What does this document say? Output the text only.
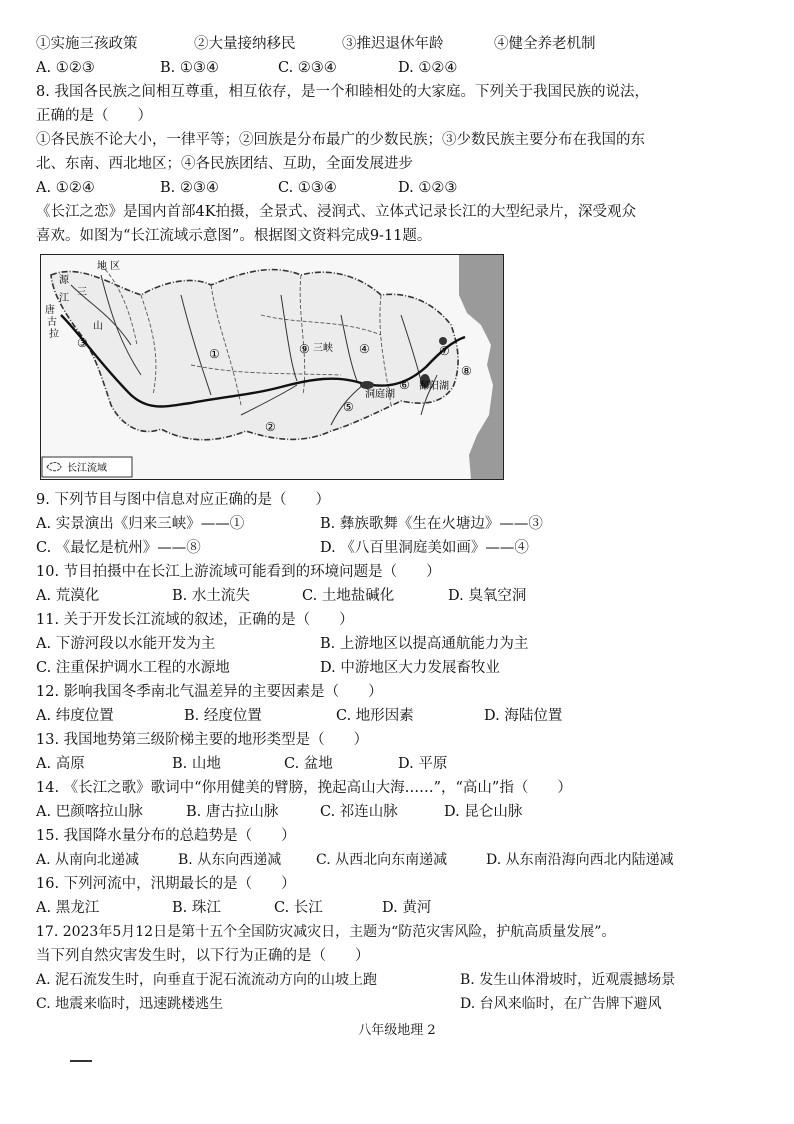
①实施三孩政策	②大量接纳移民	③推迟退休年龄	④健全养老机制
A. ①②③	B. ①③④	C. ②③④	D. ①②④
8. 我国各民族之间相互尊重，相互依存，是一个和睦相处的大家庭。下列关于我国民族的说法，
正确的是（　　）
①各民族不论大小，一律平等；②回族是分布最广的少数民族；③少数民族主要分布在我国的东
北、东南、西北地区；④各民族团结、互助，全面发展进步
A. ①②④	B. ②③④	C. ①③④	D. ①②③
《长江之恋》是国内首部4K拍摄，全景式、浸润式、立体式记录长江的大型纪录片，深受观众
喜欢。如图为“长江流域示意图”。根据图文资料完成9-11题。
地 区
源
江
三
唐
古
拉
山
①
②
③	④
⑤
⑥
⑦
⑧
⑨ 三峡
洞庭湖
鄱阳湖
长江流域
9. 下列节目与图中信息对应正确的是（　　）
A. 实景演出《归来三峡》——①	B. 彝族歌舞《生在火塘边》——③
C. 《最忆是杭州》——⑧	D. 《八百里洞庭美如画》——④
10. 节目拍摄中在长江上游流域可能看到的环境问题是（　　）
A. 荒漠化	B. 水土流失	C. 土地盐碱化	D. 臭氧空洞
11. 关于开发长江流域的叙述，正确的是（　　）
A. 下游河段以水能开发为主	B. 上游地区以提高通航能力为主
C. 注重保护调水工程的水源地	D. 中游地区大力发展畜牧业
12. 影响我国冬季南北气温差异的主要因素是（　　）
A. 纬度位置	B. 经度位置	C. 地形因素	D. 海陆位置
13. 我国地势第三级阶梯主要的地形类型是（　　）
A. 高原	B. 山地	C. 盆地	D. 平原
14. 《长江之歌》歌词中“你用健美的臂膀，挽起高山大海……”，“高山”指（　　）
A. 巴颜喀拉山脉	B. 唐古拉山脉	C. 祁连山脉	D. 昆仑山脉
15. 我国降水量分布的总趋势是（　　）
A. 从南向北递减	B. 从东向西递减 C. 从西北向东南递减	D. 从东南沿海向西北内陆递减
16. 下列河流中，汛期最长的是（　　）
A. 黑龙江	B. 珠江	C. 长江	D. 黄河
17. 2023年5月12日是第十五个全国防灾减灾日，主题为“防范灾害风险，护航高质量发展”。
当下列自然灾害发生时，以下行为正确的是（　　）
A. 泥石流发生时，向垂直于泥石流流动方向的山坡上跑	B. 发生山体滑坡时，近观震撼场景
C. 地震来临时，迅速跳楼逃生	D. 台风来临时，在广告牌下避风
八年级地理 2
